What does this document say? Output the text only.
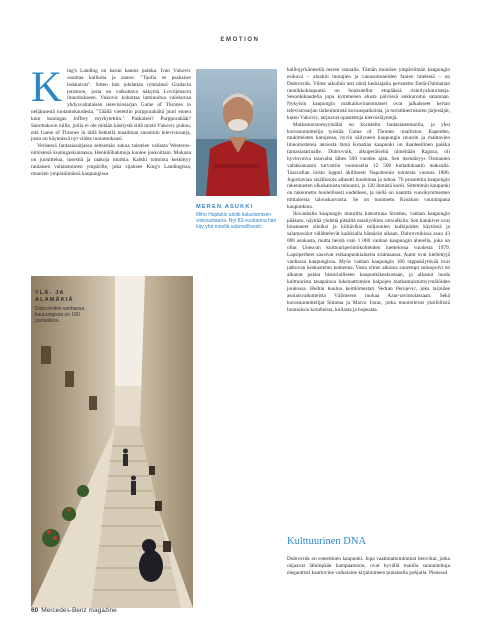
EMOTION
K ing's Landing on karun kaunis paikka. Ivan Vukovic osoittaa kallioita ja sanoo: "Tuolla se paskaiset hokkaivat". Sitten hän johdattaa ryhmänsä Gradacin puistoon, josta on vaikuttava näkymä Lovrijenacin linnoitukseen. Vukovic kohottaa laminoitua valokuvaa yhdysvaltalaisen televisiosarjan Game of Thrones in neljännestä tuotantokaudesta. "Täällä vietettiin purppurahäitä juuri ennen kuin kuningas Joffrey myrkytettiin." Paskaiset? Purppurahäät? Sanottakoon niille, joilla ei ole mitään käsitystä siitä mistä Vukovic puhuu, että Game of Thrones in tällä hetkellä maailman suosituin televisiosarja, josta on käynnissä nyt viides tuotantokausi.

Verisessä fantasiasarjassa seitsemän sukua taistelee vallasta Westeros-nimisessä kuningaskunnassa. Henkilöhahmoja kuolee joukoittain. Mukana on juonittelua, insestiä ja raakoja murhia. Kaikki toiminta keskittyy rautaisen valtaistuimen ympärille, joka sijaitsee King's Landingissa, muurien ympäröimässä kaupungissa

MEREN ASUKKI
Miho Hajdukic aloitti kalastamisen viisivuotiaana. Nyt 83-vuotiaana hän käy yhä meellä säännöllisesti.
YLÄ- JA ALAMÄKIÄ
Dubrovnikin vanhassa kaupungissa on 160 portaikkoa.

kalliojyrkänteellä meren rannalla. Tämän muurien ympäröimän kaupungin esikuva – ainakin tuotajien ja vanosoituneiden fanien mielestä – on Dubrovnik. Viime aikoihin asti tämä keskiajalla perustettu Etelä-Dalmatian rannikkokaupunki on houkutellut etupäässä risteilyaluturisteja. Sesonkikaudella jopa kymmenen alusta päivässä ankkuroitui satamaan. Nykyisin kaupungin matkailuviranomaiset ovat jalkaisseet kertan televisiosarjan tärkeimmistä kuvauspaikoista, ja turistikierroksien järjestäjät, kuten Vukovic, tarjoavat opastettuja kierrosläyntejä.

Matkamuistomyymälät on koristeltu fantasiateemoilla, ja yksi korusuunnittelija työstää Game of Thrones -malliston. Kapeiden, mukitteisten katujensa, hyvin säilyneen kaupungin muurin ja mahtavien linnoitustensa ansiosta tämä Kroatian kaupunki on ihanteellinen paikka fantasiatarinalle. Dubrovnik, alkuperäiseltä nimeltään Ragusa, oli hyvinvoiva tasavalta lähes 500 vuoden ajan. Sen itsenäisyys Osmanien valtakunnasta turvattiin vuotuisella 12 500 kultadukaatin maksulla. Tasavallan loisto loppui äkillisesti Napoleonin toimesta vuonna 1806. Jugoslavian sisällissota aiheutti kuolemaa ja tuhoa. 70 prosenttia kaupungin rakennusten ulkokatoista tuhoutui, ja 120 ihmistä kuoli. Sittemmin kaupunki on rakennettu huolellisesti uudelleen, ja siellä on nautitta vuosikymmenten mittaisesta talouskasvusta. Se on tuoinnetu Kroatian vaurainpana kaupunkina.

Ikivanhalta kaupungin muurilta katsottuna Stradun, vanhan kaupungin pääkatu, näyttää yhdeltä pitkältä mastiyöltien catwalkilta. Sen katukivet ovat hiostaneet sileiksi ja kiiltäviksi miljoonien kulkijoiden käytössä ja salamavalot välähtelevät kaikkialla hämärän aikaan. Dubrovnikissa asuu 43 000 asukasta, mutta heistä vain 1 000 vanhan kaupungin alueella, joka on ollut Unescon kulttuuriperintökohteiden luettelossa vuodesta 1979. Lapsiperheet saosivat esikaupunkialueita sisämaassa. Autot ovat kiellettyjä vanhassa kaupungissa. Myös vanhan kaupungin 160 rappukäytävää ovat jatkuvan keskustelun kohteena. Vasta viime aikoina suurempi suluopolvi on alkanut palata historialliseen kaupunkikeskustaan, ja alkanut luoda kulttuurista tasapainoa lukemattomien halpojen matkamuistomyymälöiden joukossa. Heihin kuuluu keittiömestari Vedran Perojevic, joka tarjoilee asolaisvaikutteista Välimeren ruokaa Azur-ravintolassaan. Sekä korusuunnittelijat Simona ja Marco Farac, jotka muotoilevat yksilöllisiä luomuksia koralleista, kullasta ja hopeasta.

Kulttuurinen DNA

Dubrovnik on esteettinen kaupunki. Jopa vaatimattomimmat tienviitat, jotka ohjaavat lähimpään kampaamoon, ovat hyvällä maulla suunniteltuja eleganttisti kaartuvine valkoisine kirjaimineen punaisella pohjalla. Pienessä

60 Mercedes-Benz magazine
